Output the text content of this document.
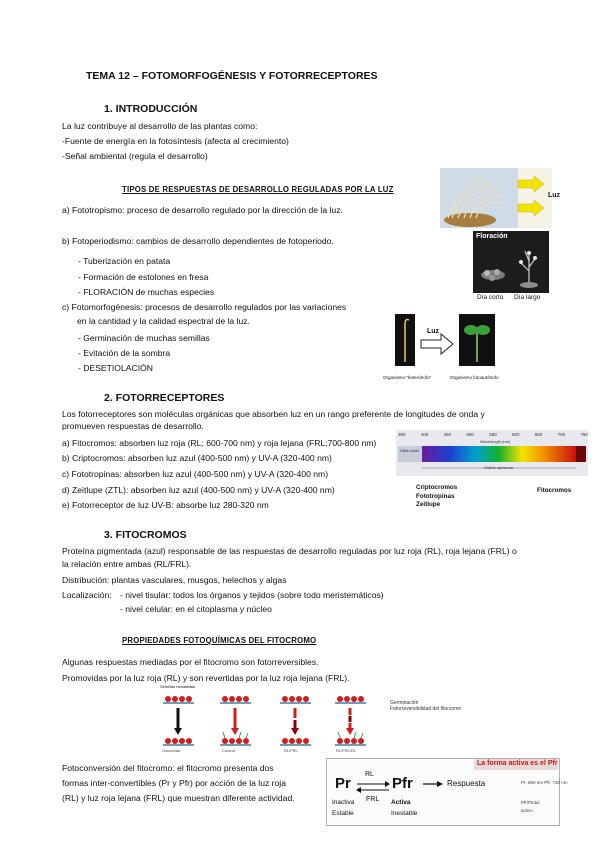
TEMA 12 – FOTOMORFOGÉNESIS Y FOTORRECEPTORES
1. INTRODUCCIÓN
La luz contribuye al desarrollo de las plantas como:
-Fuente de energía en la fotosíntesis (afecta al crecimiento)
-Señal ambiental (regula el desarrollo)
TIPOS DE RESPUESTAS DE DESARROLLO REGULADAS POR LA LUZ
a) Fototropismo: proceso de desarrollo regulado por la dirección de la luz.
b) Fotoperiodismo: cambios de desarrollo dependientes de fotoperiodo.
- Tuberización en patata
- Formación de estolones en fresa
- FLORACIÓN de muchas especies
c) Fotomorfogénesis: procesos de desarrollo regulados por las variaciones
en la cantidad y la calidad espectral de la luz.
- Germinación de muchas semillas
- Evitación de la sombra
- DESETIOLACIÓN
Luz
Floración
Día corto Día largo
Luz
Organismo "heterótrofo"	Organismo fotoautótrofo
2. FOTORRECEPTORES
Los fotorreceptores son moléculas orgánicas que absorben luz en un rango preferente de longitudes de onda y
promueven respuestas de desarrollo.
a) Fitocromos: absorben luz roja (RL; 600-700 nm) y roja lejana (FRL;700-800 nm)
b) Criptocromos: absorben luz azul (400-500 nm) y UV-A (320-400 nm)
c) Fototropinas: absorben luz azul (400-500 nm) y UV-A (320-400 nm)
d) Zeitlupe (ZTL): absorben luz azul (400-500 nm) y UV-A (320-400 nm)
e) Fotorreceptor de luz UV-B: absorbe luz 280-320 nm
350	400	450	500	550	600	650	700	750
Wavelength (nm)
Ultra-violet
Visible spectrum
Criptocromos
Fototropinas
Zeitlupe
Fitocromos
3. FITOCROMOS
Proteína pigmentada (azul) responsable de las respuestas de desarrollo reguladas por luz roja (RL), roja lejana (FRL) o
la relación entre ambas (RL/FRL).
Distribución: plantas vasculares, musgos, helechos y algas
Localización: - nivel tisular: todos los órganos y tejidos (sobre todo meristemáticos)
- nivel celular: en el citoplasma y núcleo
PROPIEDADES FOTOQUÍMICAS DEL FITOCROMO
Algunas respuestas mediadas por el fitocromo son fotorreversibles.
Promovidas por la luz roja (RL) y son revertidas por la luz roja lejana (FRL).
Semillas hidratadas
Germinación
Fotorreversibilidad del fitocromo
Oscuridad	Control	RL/FRL	RL/FRL/RL
Fotoconversión del fitocromo: el fitocromo presenta dos
formas inter-convertibles (Pr y Pfr) por acción de la luz roja
(RL) y luz roja lejana (FRL) que muestran diferente actividad.
La forma activa es el Pfr
Pr	Pfr
RL
FRL
Respuesta
Inactiva
Estable
Activa
Inestable
Pr: 660 nm Pfr: 730 nm
Pfr/Ptotal
activo
